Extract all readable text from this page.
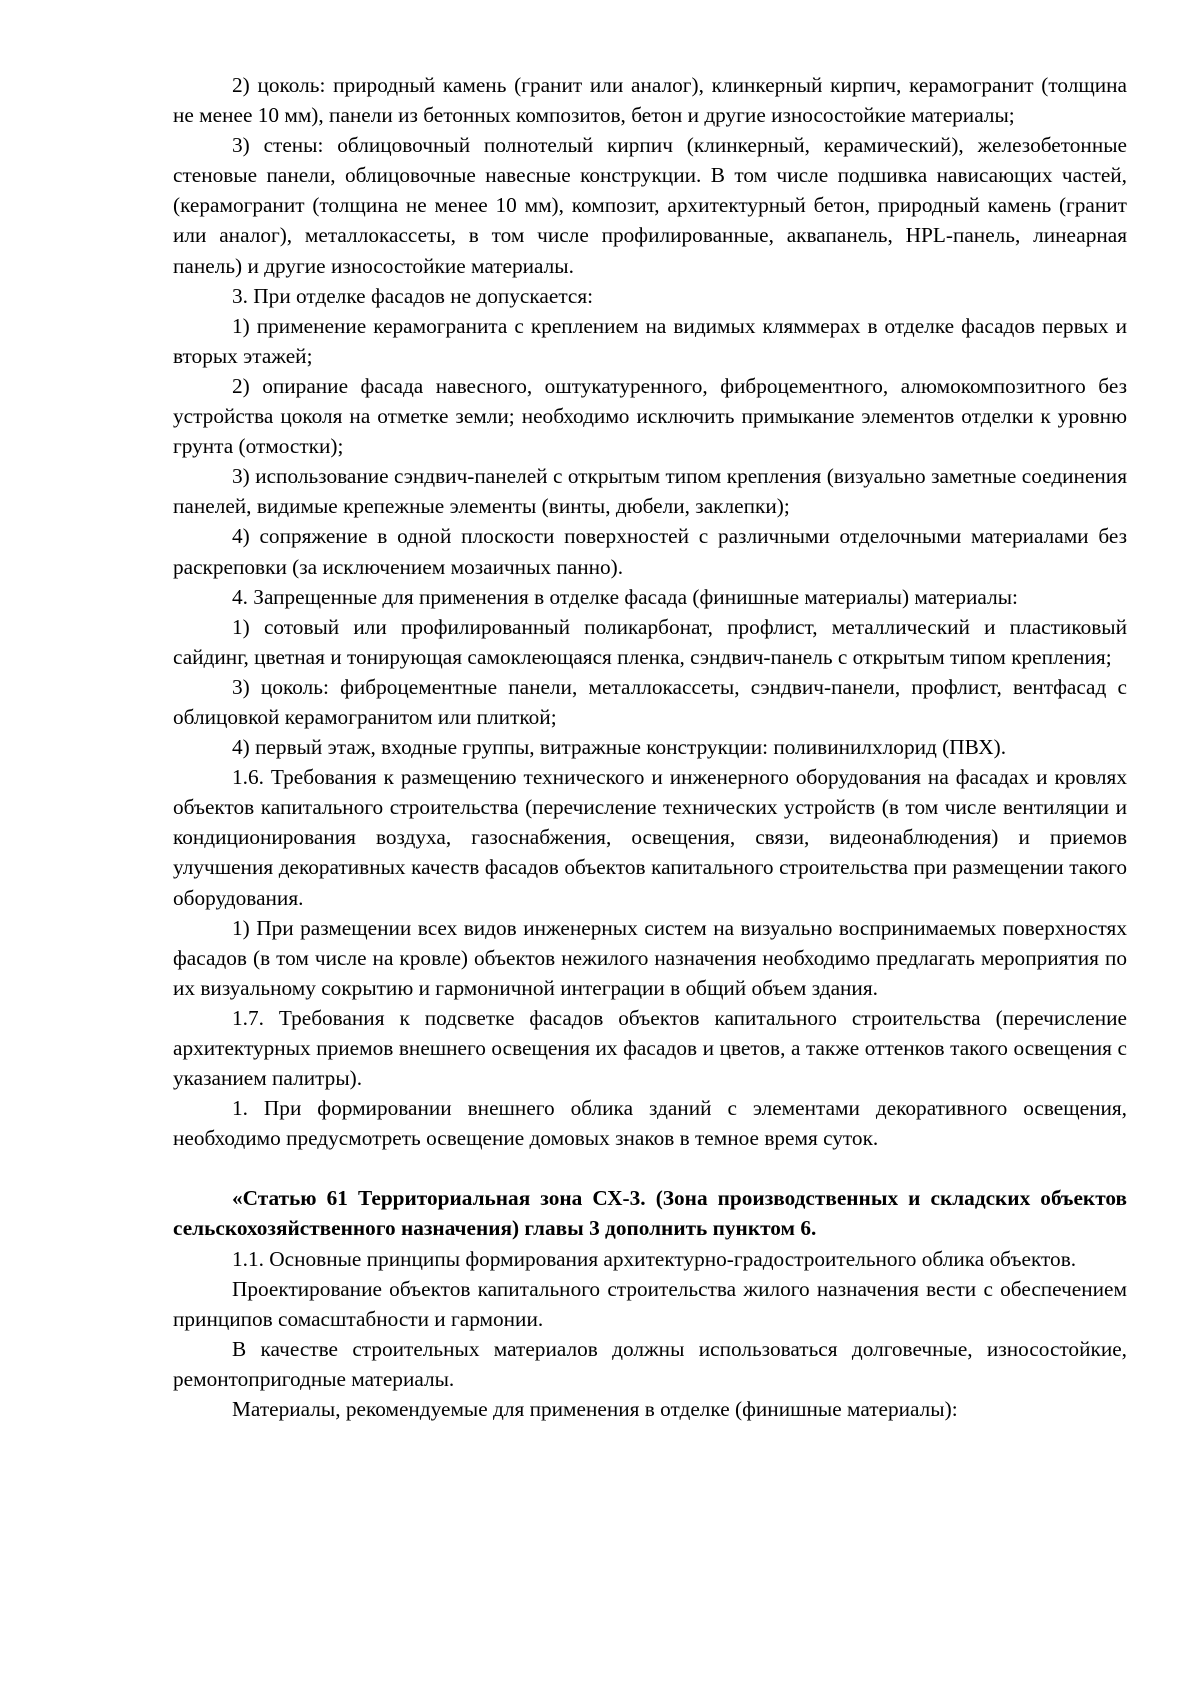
2) цоколь: природный камень (гранит или аналог), клинкерный кирпич, керамогранит (толщина не менее 10 мм), панели из бетонных композитов, бетон и другие износостойкие материалы;

3) стены: облицовочный полнотелый кирпич (клинкерный, керамический), железобетонные стеновые панели, облицовочные навесные конструкции. В том числе подшивка нависающих частей, (керамогранит (толщина не менее 10 мм), композит, архитектурный бетон, природный камень (гранит или аналог), металлокассеты, в том числе профилированные, аквапанель, HPL-панель, линеарная панель) и другие износостойкие материалы.

3. При отделке фасадов не допускается:

1) применение керамогранита с креплением на видимых кляммерах в отделке фасадов первых и вторых этажей;

2) опирание фасада навесного, оштукатуренного, фиброцементного, алюмокомпозитного без устройства цоколя на отметке земли; необходимо исключить примыкание элементов отделки к уровню грунта (отмостки);

3) использование сэндвич-панелей с открытым типом крепления (визуально заметные соединения панелей, видимые крепежные элементы (винты, дюбели, заклепки);

4) сопряжение в одной плоскости поверхностей с различными отделочными материалами без раскреповки (за исключением мозаичных панно).

4. Запрещенные для применения в отделке фасада (финишные материалы) материалы:

1) сотовый или профилированный поликарбонат, профлист, металлический и пластиковый сайдинг, цветная и тонирующая самоклеющаяся пленка, сэндвич-панель с открытым типом крепления;

3) цоколь: фиброцементные панели, металлокассеты, сэндвич-панели, профлист, вентфасад с облицовкой керамогранитом или плиткой;

4) первый этаж, входные группы, витражные конструкции: поливинилхлорид (ПВХ).

1.6. Требования к размещению технического и инженерного оборудования на фасадах и кровлях объектов капитального строительства (перечисление технических устройств (в том числе вентиляции и кондиционирования воздуха, газоснабжения, освещения, связи, видеонаблюдения) и приемов улучшения декоративных качеств фасадов объектов капитального строительства при размещении такого оборудования.

1) При размещении всех видов инженерных систем на визуально воспринимаемых поверхностях фасадов (в том числе на кровле) объектов нежилого назначения необходимо предлагать мероприятия по их визуальному сокрытию и гармоничной интеграции в общий объем здания.

1.7. Требования к подсветке фасадов объектов капитального строительства (перечисление архитектурных приемов внешнего освещения их фасадов и цветов, а также оттенков такого освещения с указанием палитры).

1. При формировании внешнего облика зданий с элементами декоративного освещения, необходимо предусмотреть освещение домовых знаков в темное время суток.

«Статью 61 Территориальная зона СХ-3. (Зона производственных и складских объектов сельскохозяйственного назначения) главы 3 дополнить пунктом 6.

1.1. Основные принципы формирования архитектурно-градостроительного облика объектов.

Проектирование объектов капитального строительства жилого назначения вести с обеспечением принципов сомасштабности и гармонии.

В качестве строительных материалов должны использоваться долговечные, износостойкие, ремонтопригодные материалы.

Материалы, рекомендуемые для применения в отделке (финишные материалы):
